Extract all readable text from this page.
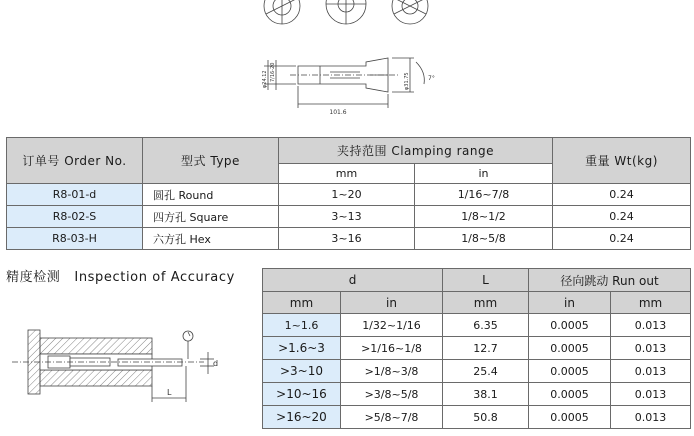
101.6
φ24.12 7/16-20	φ31.75	7°
订单号 Order No.	型式 Type	夹持范围 Clamping range		重量 Wt(kg)
		mm	in	
R8-01-d	圆孔 Round	1~20	1/16~7/8	0.24
R8-02-S	四方孔 Square	3~13	1/8~1/2	0.24
R8-03-H	六方孔 Hex	3~16	1/8~5/8	0.24
精度检测 Inspection of Accuracy
d
L
d		L	径向跳动 Run out	
mm	in	mm	in	mm
1~1.6	1/32~1/16	6.35	0.0005	0.013
>1.6~3	>1/16~1/8	12.7	0.0005	0.013
>3~10	>1/8~3/8	25.4	0.0005	0.013
>10~16	>3/8~5/8	38.1	0.0005	0.013
>16~20	>5/8~7/8	50.8	0.0005	0.013
